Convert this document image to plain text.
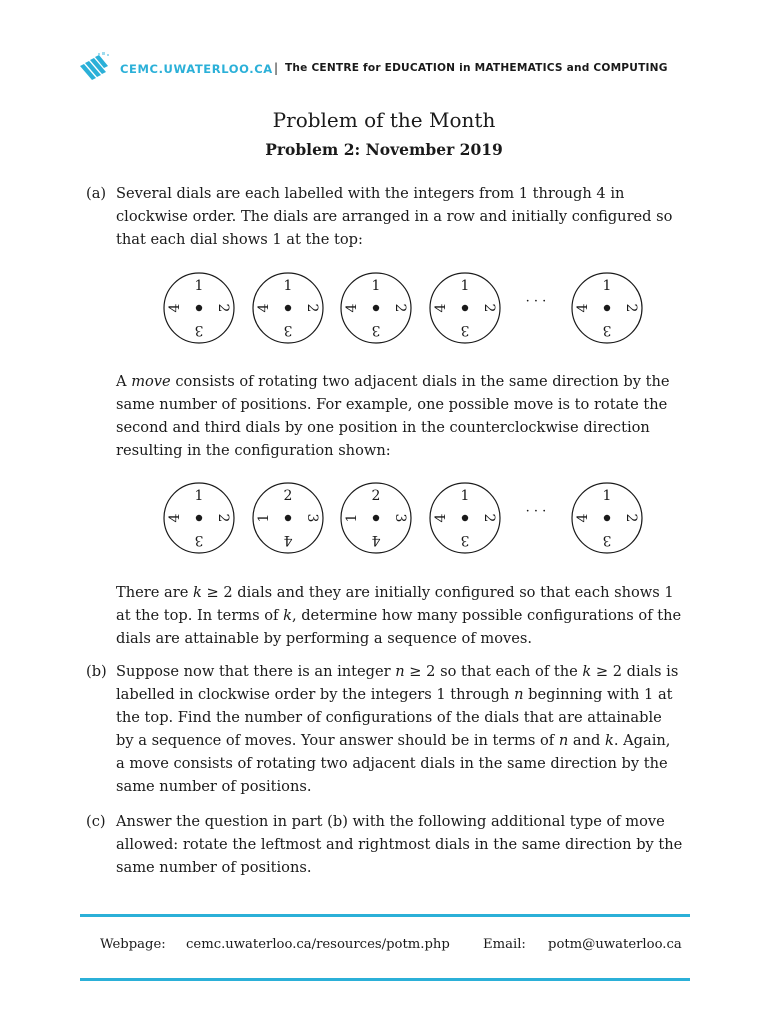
CEMC.UWATERLOO.CA | The CENTRE for EDUCATION in MATHEMATICS and COMPUTING
Problem of the Month
Problem 2: November 2019
(a) Several dials are each labelled with the integers from 1 through 4 in
clockwise order. The dials are arranged in a row and initially configured so
that each dial shows 1 at the top:
A move consists of rotating two adjacent dials in the same direction by the
same number of positions. For example, one possible move is to rotate the
second and third dials by one position in the counterclockwise direction
resulting in the configuration shown:
There are k ≥ 2 dials and they are initially configured so that each shows 1
at the top. In terms of k, determine how many possible configurations of the
dials are attainable by performing a sequence of moves.
(b) Suppose now that there is an integer n ≥ 2 so that each of the k ≥ 2 dials is
labelled in clockwise order by the integers 1 through n beginning with 1 at
the top. Find the number of configurations of the dials that are attainable
by a sequence of moves. Your answer should be in terms of n and k. Again,
a move consists of rotating two adjacent dials in the same direction by the
same number of positions.
(c) Answer the question in part (b) with the following additional type of move
allowed: rotate the leftmost and rightmost dials in the same direction by the
same number of positions.
1
2
3
4
1
2
3
4
1
2
3
4
1
2
3
4
1
2
3
4
· · ·
1
2
3
4
2
3
4
1
2
3
4
1
1
2
3
4
1
2
3
4
· · ·
Webpage: cemc.uwaterloo.ca/resources/potm.php	Email: potm@uwaterloo.ca
